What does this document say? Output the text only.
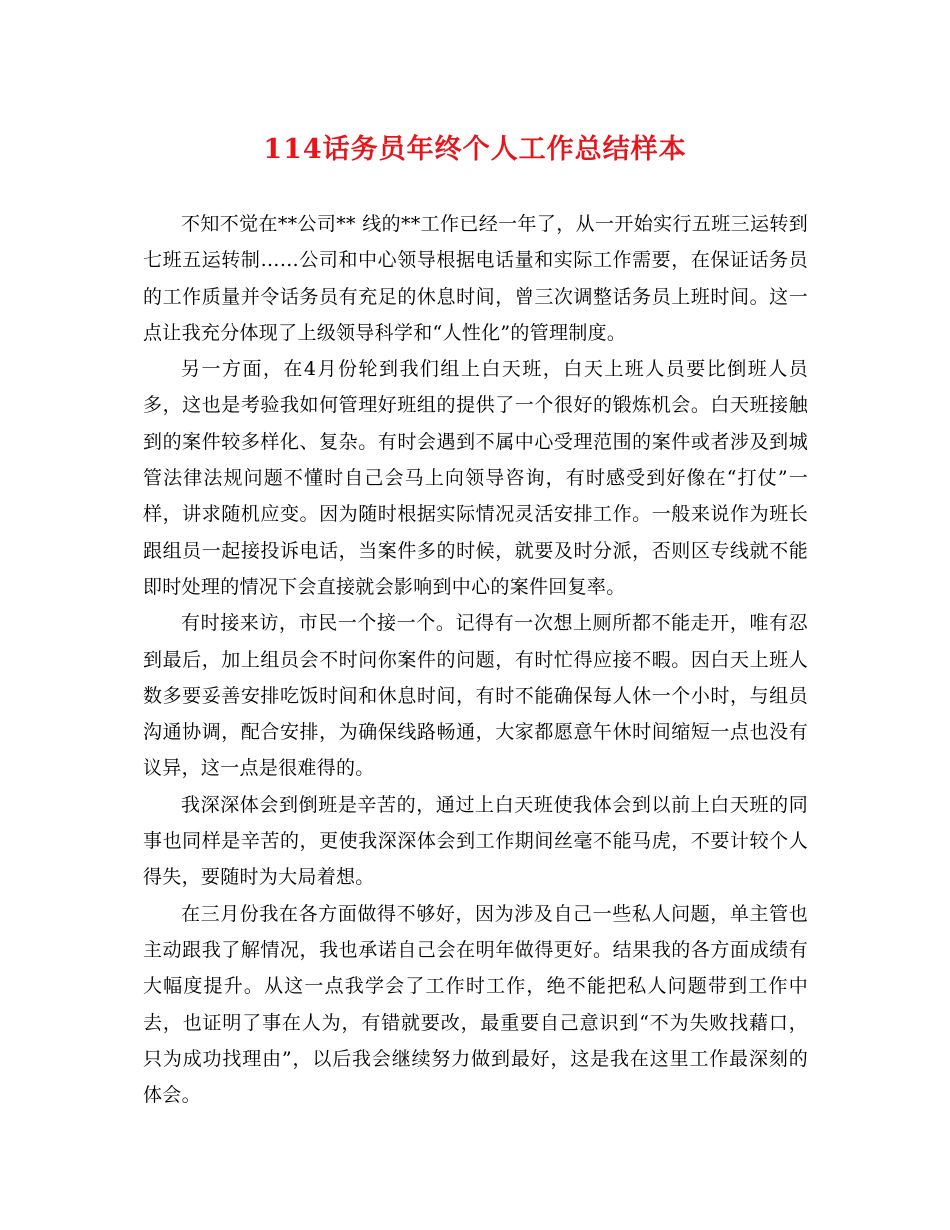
114话务员年终个人工作总结样本

不知不觉在**公司** 线的**工作已经一年了，从一开始实行五班三运转到七班五运转制……公司和中心领导根据电话量和实际工作需要，在保证话务员的工作质量并令话务员有充足的休息时间，曾三次调整话务员上班时间。这一点让我充分体现了上级领导科学和“人性化”的管理制度。

另一方面，在4月份轮到我们组上白天班，白天上班人员要比倒班人员多，这也是考验我如何管理好班组的提供了一个很好的锻炼机会。白天班接触到的案件较多样化、复杂。有时会遇到不属中心受理范围的案件或者涉及到城管法律法规问题不懂时自己会马上向领导咨询，有时感受到好像在“打仗”一样，讲求随机应变。因为随时根据实际情况灵活安排工作。一般来说作为班长跟组员一起接投诉电话，当案件多的时候，就要及时分派，否则区专线就不能即时处理的情况下会直接就会影响到中心的案件回复率。

有时接来访，市民一个接一个。记得有一次想上厕所都不能走开，唯有忍到最后，加上组员会不时问你案件的问题，有时忙得应接不暇。因白天上班人数多要妥善安排吃饭时间和休息时间，有时不能确保每人休一个小时，与组员沟通协调，配合安排，为确保线路畅通，大家都愿意午休时间缩短一点也没有议异，这一点是很难得的。

我深深体会到倒班是辛苦的，通过上白天班使我体会到以前上白天班的同事也同样是辛苦的，更使我深深体会到工作期间丝毫不能马虎，不要计较个人得失，要随时为大局着想。

在三月份我在各方面做得不够好，因为涉及自己一些私人问题，单主管也主动跟我了解情况，我也承诺自己会在明年做得更好。结果我的各方面成绩有大幅度提升。从这一点我学会了工作时工作，绝不能把私人问题带到工作中去，也证明了事在人为，有错就要改，最重要自己意识到“不为失败找藉口，只为成功找理由”，以后我会继续努力做到最好，这是我在这里工作最深刻的体会。
